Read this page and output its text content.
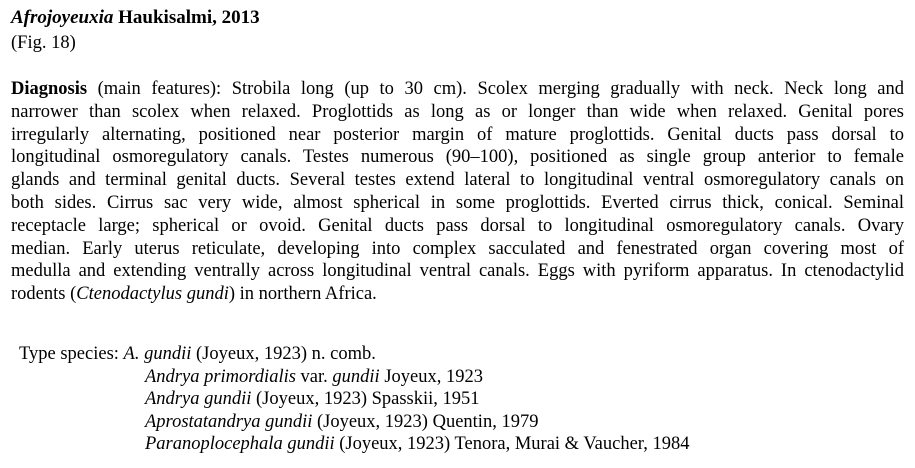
Afrojoyeuxia Haukisalmi, 2013
(Fig. 18)
Diagnosis (main features): Strobila long (up to 30 cm). Scolex merging gradually with neck. Neck long and
narrower than scolex when relaxed. Proglottids as long as or longer than wide when relaxed. Genital pores
irregularly alternating, positioned near posterior margin of mature proglottids. Genital ducts pass dorsal to
longitudinal osmoregulatory canals. Testes numerous (90–100), positioned as single group anterior to female
glands and terminal genital ducts. Several testes extend lateral to longitudinal ventral osmoregulatory canals on
both sides. Cirrus sac very wide, almost spherical in some proglottids. Everted cirrus thick, conical. Seminal
receptacle large; spherical or ovoid. Genital ducts pass dorsal to longitudinal osmoregulatory canals. Ovary
median. Early uterus reticulate, developing into complex sacculated and fenestrated organ covering most of
medulla and extending ventrally across longitudinal ventral canals. Eggs with pyriform apparatus. In ctenodactylid
rodents (Ctenodactylus gundi) in northern Africa.
Type species: A. gundii (Joyeux, 1923) n. comb.
Andrya primordialis var. gundii Joyeux, 1923
Andrya gundii (Joyeux, 1923) Spasskii, 1951
Aprostatandrya gundii (Joyeux, 1923) Quentin, 1979
Paranoplocephala gundii (Joyeux, 1923) Tenora, Murai & Vaucher, 1984
